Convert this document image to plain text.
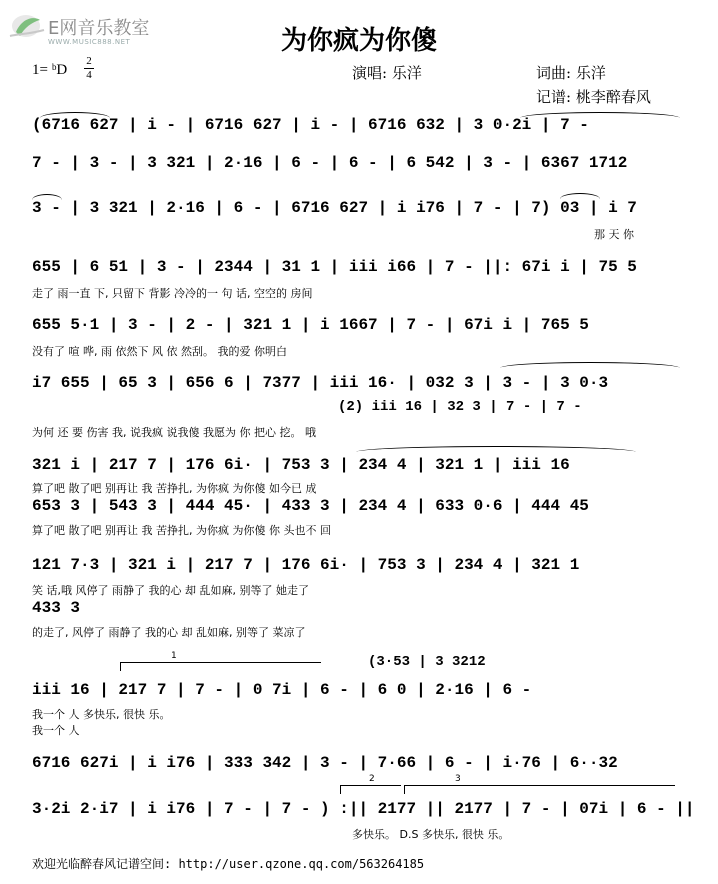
E网音乐教室
WWW.MUSIC888.NET	为你疯为你傻
1= ᵇD
2
4	演唱: 乐洋	词曲: 乐洋
记谱: 桃李醉春风
(6716 627 | i - | 6716 627 | i - | 6716 632 | 3 0·2i | 7 -
7 - | 3 - | 3 321 | 2·16 | 6 - | 6 - | 6 542 | 3 - | 6367 1712
3 - | 3 321 | 2·16 | 6 - | 6716 627 | i i76 | 7 - | 7) 03 | i 7
那 天 你
655 | 6 51 | 3 - | 2344 | 31 1 | iii i66 | 7 - ||: 67i i | 75 5
走了 雨一直 下, 只留下 背影 冷冷的一 句 话, 空空的 房间
655 5·1 | 3 - | 2 - | 321 1 | i 1667 | 7 - | 67i i | 765 5
没有了 喧 哗, 雨 依然下 风 依 然刮。 我的爱 你明白
i7 655 | 65 3 | 656 6 | 7377 | iii 16· | 032 3 | 3 - | 3 0·3
(2) iii 16 | 32 3 | 7 - | 7 -
为何 还 要 伤害 我, 说我疯 说我傻 我愿为 你 把心 挖。 哦
321 i | 217 7 | 176 6i· | 753 3 | 234 4 | 321 1 | iii 16
算了吧 散了吧 别再让 我 苦挣扎, 为你疯 为你傻 如今已 成
653 3 | 543 3 | 444 45· | 433 3 | 234 4 | 633 0·6 | 444 45
算了吧 散了吧 别再让 我 苦挣扎, 为你疯 为你傻 你 头也不 回
121 7·3 | 321 i | 217 7 | 176 6i· | 753 3 | 234 4 | 321 1
笑 话,哦 风停了 雨静了 我的心 却 乱如麻, 别等了 她走了
433 3
的走了, 风停了 雨静了 我的心 却 乱如麻, 别等了 菜凉了
1	(3·53 | 3 3212
iii 16 | 217 7 | 7 - | 0 7i | 6 - | 6 0 | 2·16 | 6 -
我一个 人 多快乐, 很快 乐。
我一个 人
6716 627i | i i76 | 333 342 | 3 - | 7·66 | 6 - | i·76 | 6··32
2	3
3·2i 2·i7 | i i76 | 7 - | 7 - ) :|| 2177 || 2177 | 7 - | 07i | 6 - ||
多快乐。 D.S 多快乐, 很快 乐。
欢迎光临醉春风记谱空间: http://user.qzone.qq.com/563264185
